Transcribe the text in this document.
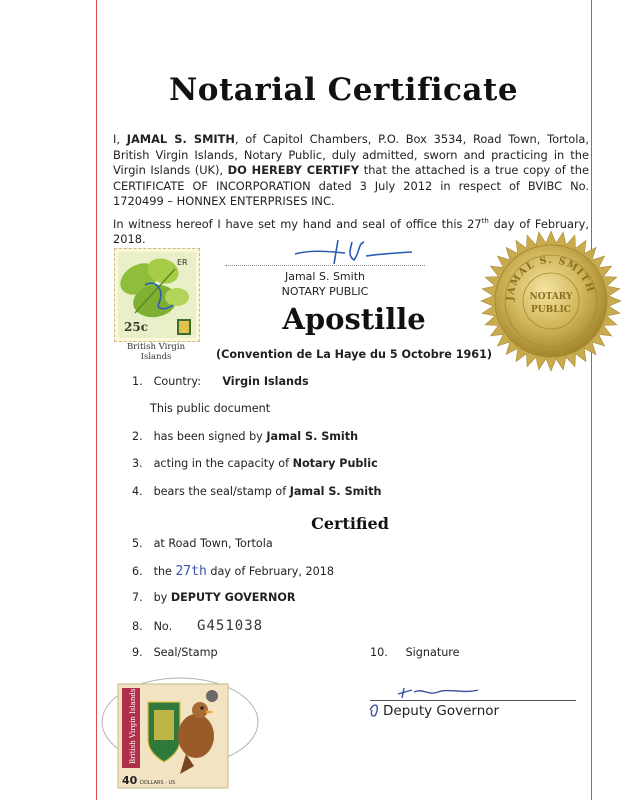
Notarial Certificate
I, JAMAL S. SMITH, of Capitol Chambers, P.O. Box 3534, Road Town, Tortola, British Virgin Islands, Notary Public, duly admitted, sworn and practicing in the Virgin Islands (UK), DO HEREBY CERTIFY that the attached is a true copy of the CERTIFICATE OF INCORPORATION dated 3 July 2012 in respect of BVIBC No. 1720499 – HONNEX ENTERPRISES INC.
In witness hereof I have set my hand and seal of office this 27th day of February, 2018.
Jamal S. Smith
NOTARY PUBLIC
25c
ER
British Virgin Islands
JAMAL S. SMITH
NOTARY
PUBLIC
Apostille
(Convention de La Haye du 5 Octobre 1961)
1. Country: Virgin Islands
This public document
2. has been signed by Jamal S. Smith
3. acting in the capacity of Notary Public
4. bears the seal/stamp of Jamal S. Smith
Certified
5. at Road Town, Tortola
6. the 27th day of February, 2018
7. by DEPUTY GOVERNOR
8. No. G451038
9. Seal/Stamp	10. Signature
British Virgin Islands
40 DOLLARS - US
Deputy Governor
